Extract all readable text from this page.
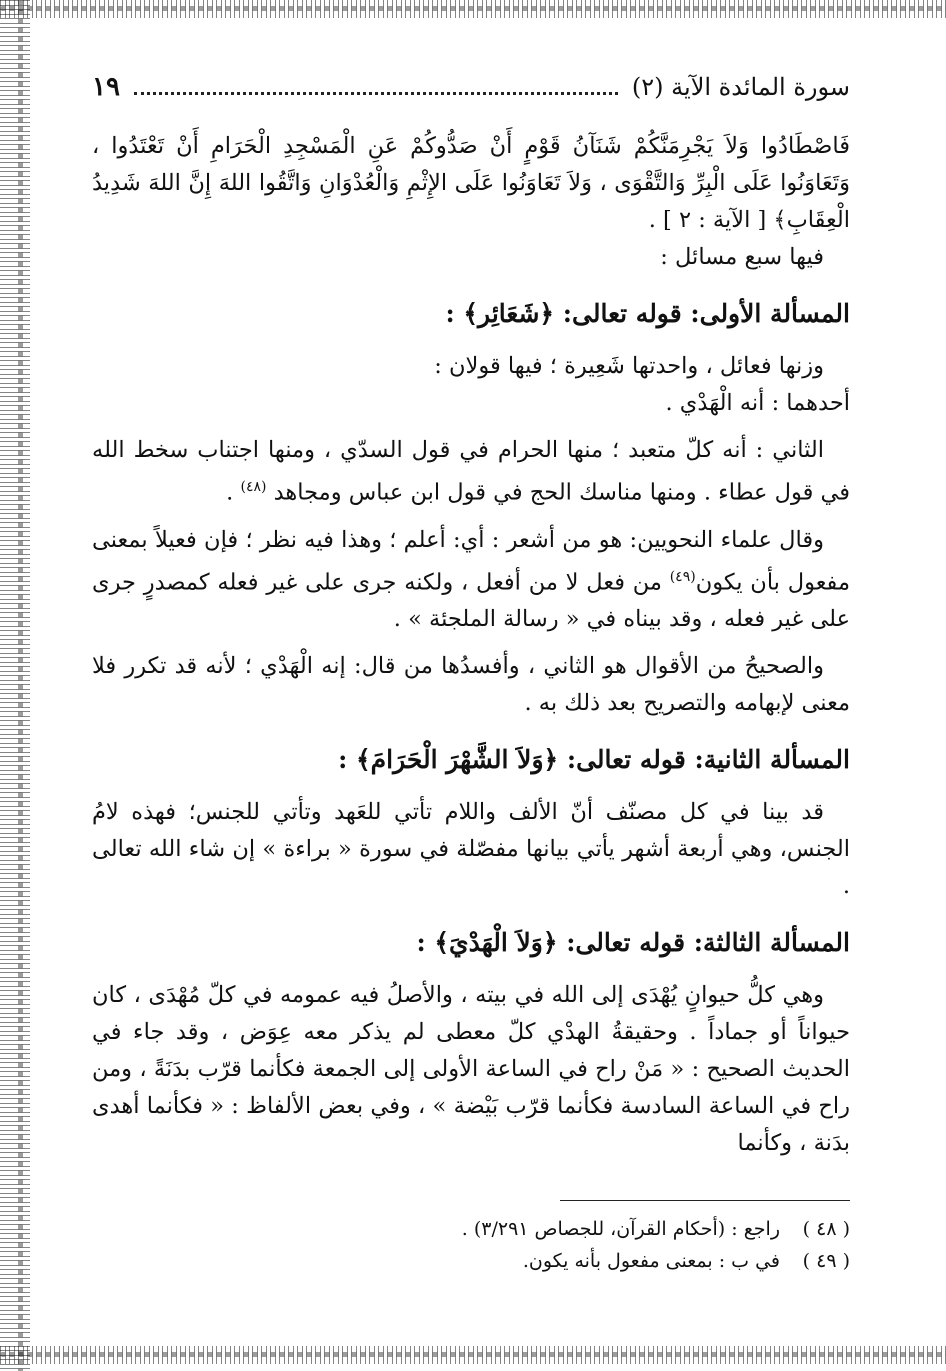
سورة المائدة الآية (٢)
١٩

فَاصْطَادُوا وَلاَ يَجْرِمَنَّكُمْ شَنَآنُ قَوْمٍ أَنْ صَدُّوكُمْ عَنِ الْمَسْجِدِ الْحَرَامِ أَنْ تَعْتَدُوا ، وَتَعَاوَنُوا عَلَى الْبِرِّ وَالتَّقْوَى ، وَلاَ تَعَاوَنُوا عَلَى الإِثْمِ وَالْعُدْوَانِ وَاتَّقُوا اللهَ إِنَّ اللهَ شَدِيدُ الْعِقَابِ﴾ [ الآية : ٢ ] .

فيها سبع مسائل :

المسألة الأولى: قوله تعالى: ﴿شَعَائِر﴾ :

وزنها فعائل ، واحدتها شَعِيرة ؛ فيها قولان :

أحدهما : أنه الْهَدْي .

الثاني : أنه كلّ متعبد ؛ منها الحرام في قول السدّي ، ومنها اجتناب سخط الله في قول عطاء . ومنها مناسك الحج في قول ابن عباس ومجاهد $^{(٤٨)}$ .

وقال علماء النحويين: هو من أشعر : أي: أعلم ؛ وهذا فيه نظر ؛ فإن فعيلاً بمعنى مفعول بأن يكون$^{(٤٩)}$ من فعل لا من أفعل ، ولكنه جرى على غير فعله كمصدرٍ جرى على غير فعله ، وقد بيناه في « رسالة الملجئة » .

والصحيحُ من الأقوال هو الثاني ، وأفسدُها من قال: إنه الْهَدْي ؛ لأنه قد تكرر فلا معنى لإبهامه والتصريح بعد ذلك به .

المسألة الثانية: قوله تعالى: ﴿وَلاَ الشَّهْرَ الْحَرَامَ﴾ :

قد بينا في كل مصنّف أنّ الألف واللام تأتي للعَهد وتأتي للجنس؛ فهذه لامُ الجنس، وهي أربعة أشهر يأتي بيانها مفصّلة في سورة « براءة » إن شاء الله تعالى .

المسألة الثالثة: قوله تعالى: ﴿وَلاَ الْهَدْيَ﴾ :

وهي كلُّ حيوانٍ يُهْدَى إلى الله في بيته ، والأصلُ فيه عمومه في كلّ مُهْدَى ، كان حيواناً أو جماداً . وحقيقةُ الهدْي كلّ معطى لم يذكر معه عِوَض ، وقد جاء في الحديث الصحيح : « مَنْ راح في الساعة الأولى إلى الجمعة فكأنما قرّب بدَنَةً ، ومن راح في الساعة السادسة فكأنما قرّب بَيْضة » ، وفي بعض الألفاظ : « فكأنما أهدى بدَنة ، وكأنما

( ٤٨ )
راجع : (أحكام القرآن، للجصاص ٣/٢٩١) .
( ٤٩ )
في ب : بمعنى مفعول بأنه يكون.
